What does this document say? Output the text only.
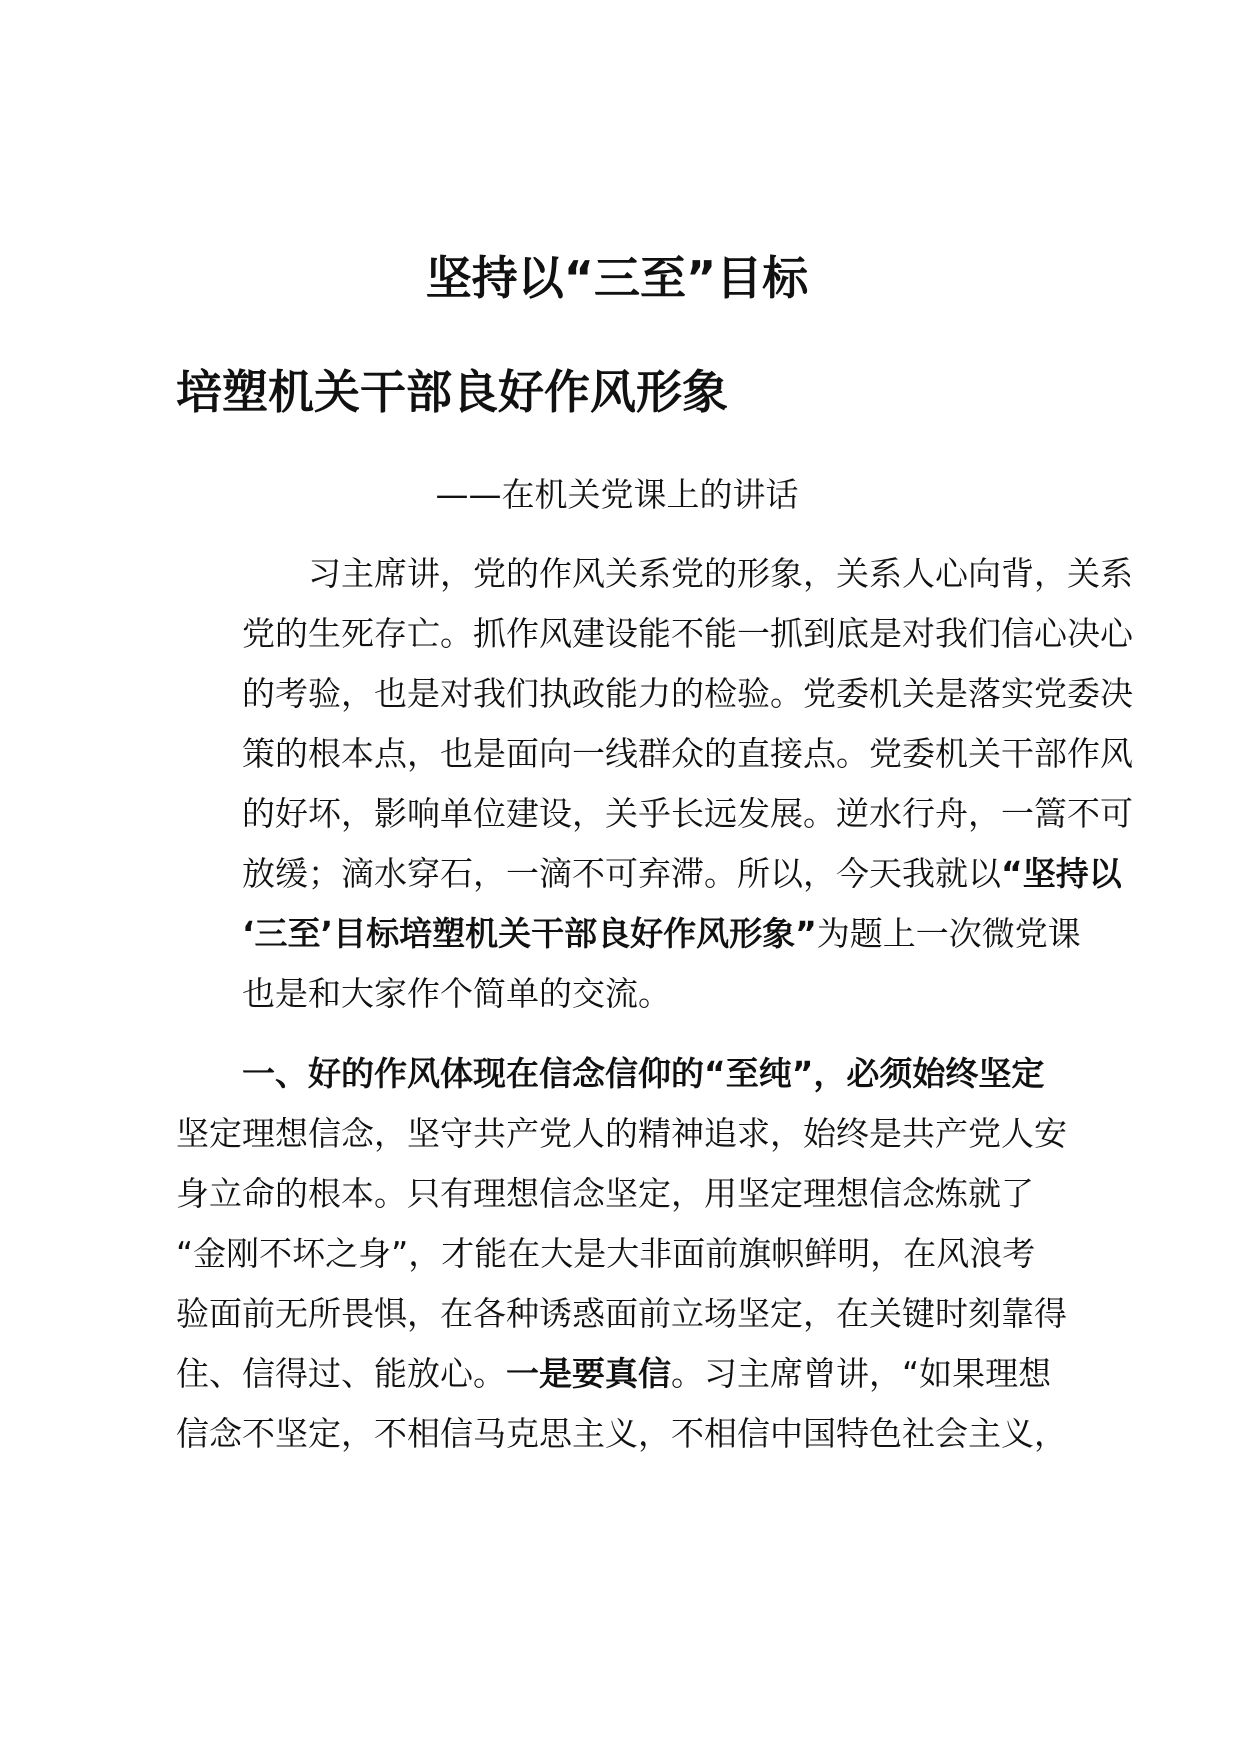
坚持以“三至”目标
培塑机关干部良好作风形象
——在机关党课上的讲话
习主席讲，党的作风关系党的形象，关系人心向背，关系
党的生死存亡。抓作风建设能不能一抓到底是对我们信心决心
的考验，也是对我们执政能力的检验。党委机关是落实党委决
策的根本点，也是面向一线群众的直接点。党委机关干部作风
的好坏，影响单位建设，关乎长远发展。逆水行舟，一篙不可
放缓；滴水穿石，一滴不可弃滞。所以，今天我就以“坚持以
‘三至’目标培塑机关干部良好作风形象”为题上一次微党课
也是和大家作个简单的交流。
一、好的作风体现在信念信仰的“至纯”，必须始终坚定
坚定理想信念，坚守共产党人的精神追求，始终是共产党人安
身立命的根本。只有理想信念坚定，用坚定理想信念炼就了
“金刚不坏之身”，才能在大是大非面前旗帜鲜明，在风浪考
验面前无所畏惧，在各种诱惑面前立场坚定，在关键时刻靠得
住、信得过、能放心。一是要真信。习主席曾讲，“如果理想
信念不坚定，不相信马克思主义，不相信中国特色社会主义，
